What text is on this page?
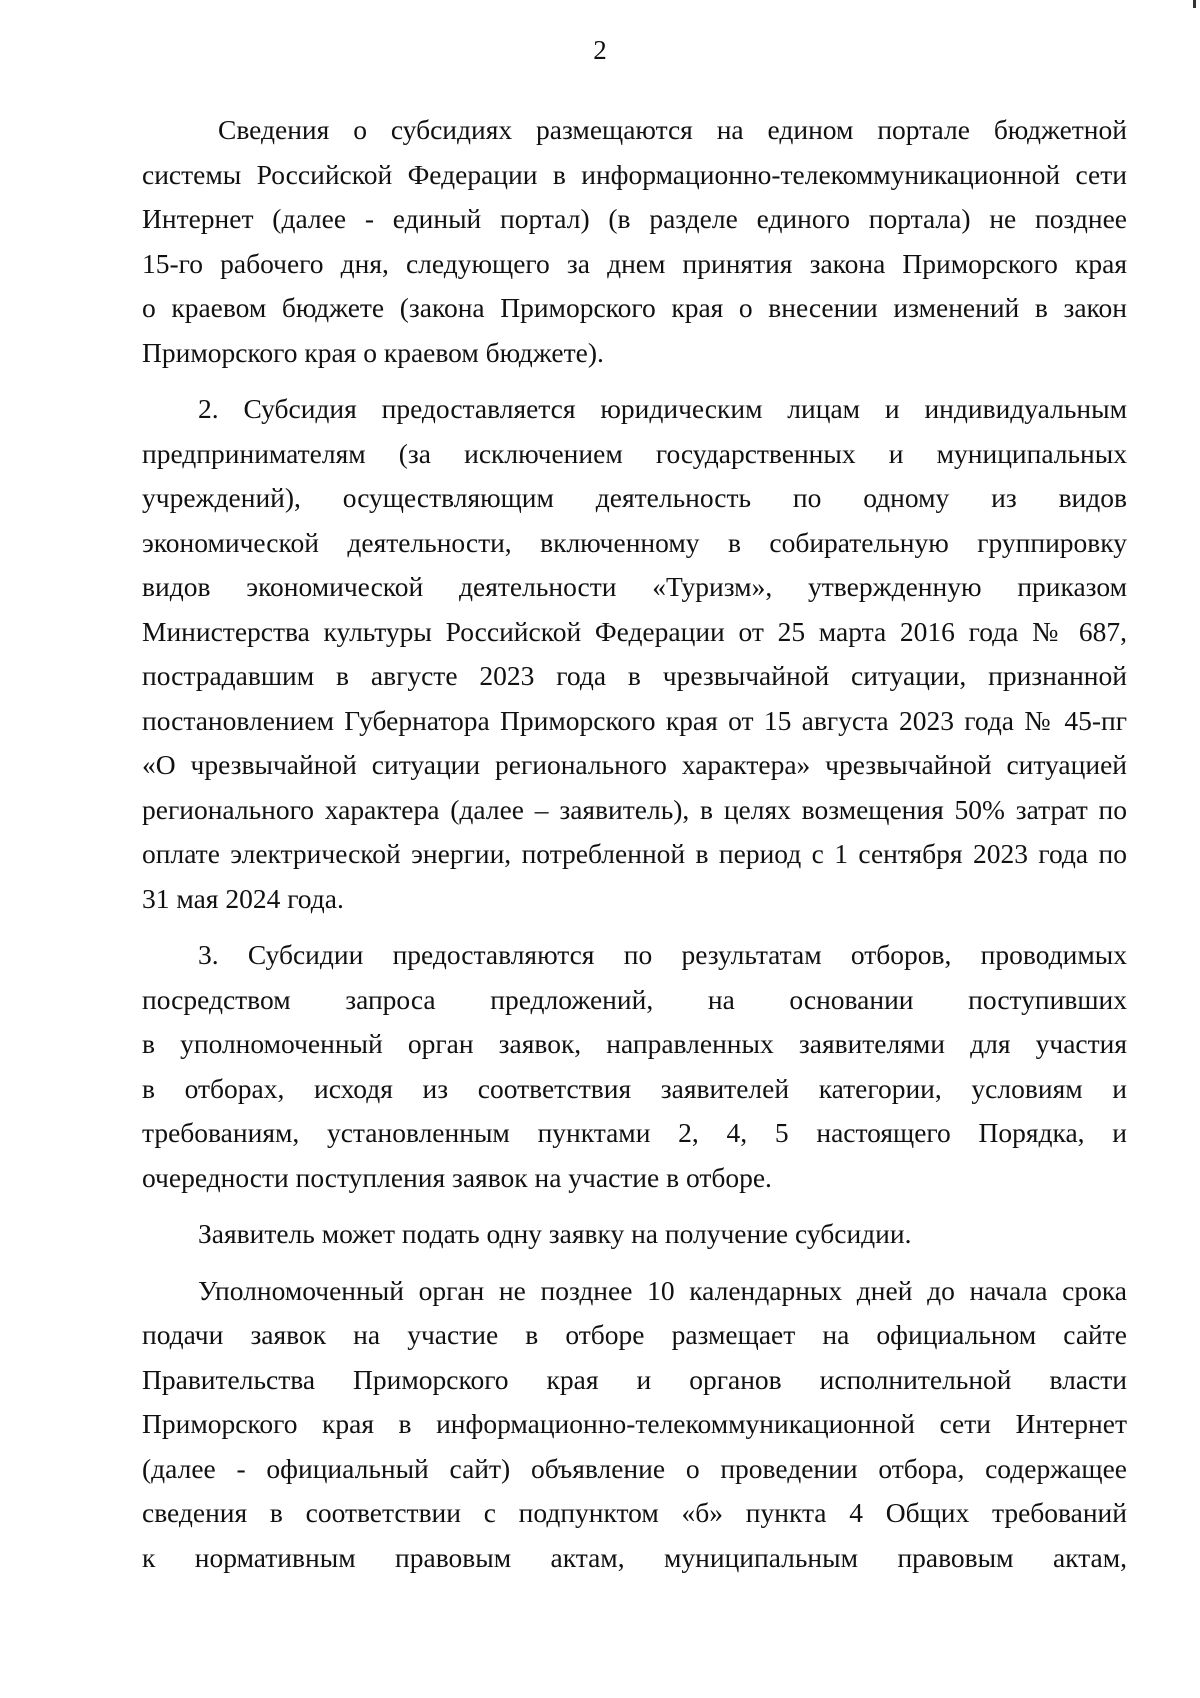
2
Сведения о субсидиях размещаются на едином портале бюджетной
системы Российской Федерации в информационно-телекоммуникационной сети
Интернет (далее - единый портал) (в разделе единого портала) не позднее
15-го рабочего дня, следующего за днем принятия закона Приморского края
о краевом бюджете (закона Приморского края о внесении изменений в закон
Приморского края о краевом бюджете).
2. Субсидия предоставляется юридическим лицам и индивидуальным
предпринимателям (за исключением государственных и муниципальных
учреждений), осуществляющим деятельность по одному из видов
экономической деятельности, включенному в собирательную группировку
видов экономической деятельности «Туризм», утвержденную приказом
Министерства культуры Российской Федерации от 25 марта 2016 года № 687,
пострадавшим в августе 2023 года в чрезвычайной ситуации, признанной
постановлением Губернатора Приморского края от 15 августа 2023 года № 45-пг
«О чрезвычайной ситуации регионального характера» чрезвычайной ситуацией
регионального характера (далее – заявитель), в целях возмещения 50% затрат по
оплате электрической энергии, потребленной в период с 1 сентября 2023 года по
31 мая 2024 года.
3. Субсидии предоставляются по результатам отборов, проводимых
посредством запроса предложений, на основании поступивших
в уполномоченный орган заявок, направленных заявителями для участия
в отборах, исходя из соответствия заявителей категории, условиям и
требованиям, установленным пунктами 2, 4, 5 настоящего Порядка, и
очередности поступления заявок на участие в отборе.
Заявитель может подать одну заявку на получение субсидии.
Уполномоченный орган не позднее 10 календарных дней до начала срока
подачи заявок на участие в отборе размещает на официальном сайте
Правительства Приморского края и органов исполнительной власти
Приморского края в информационно-телекоммуникационной сети Интернет
(далее - официальный сайт) объявление о проведении отбора, содержащее
сведения в соответствии с подпунктом «б» пункта 4 Общих требований
к нормативным правовым актам, муниципальным правовым актам,
